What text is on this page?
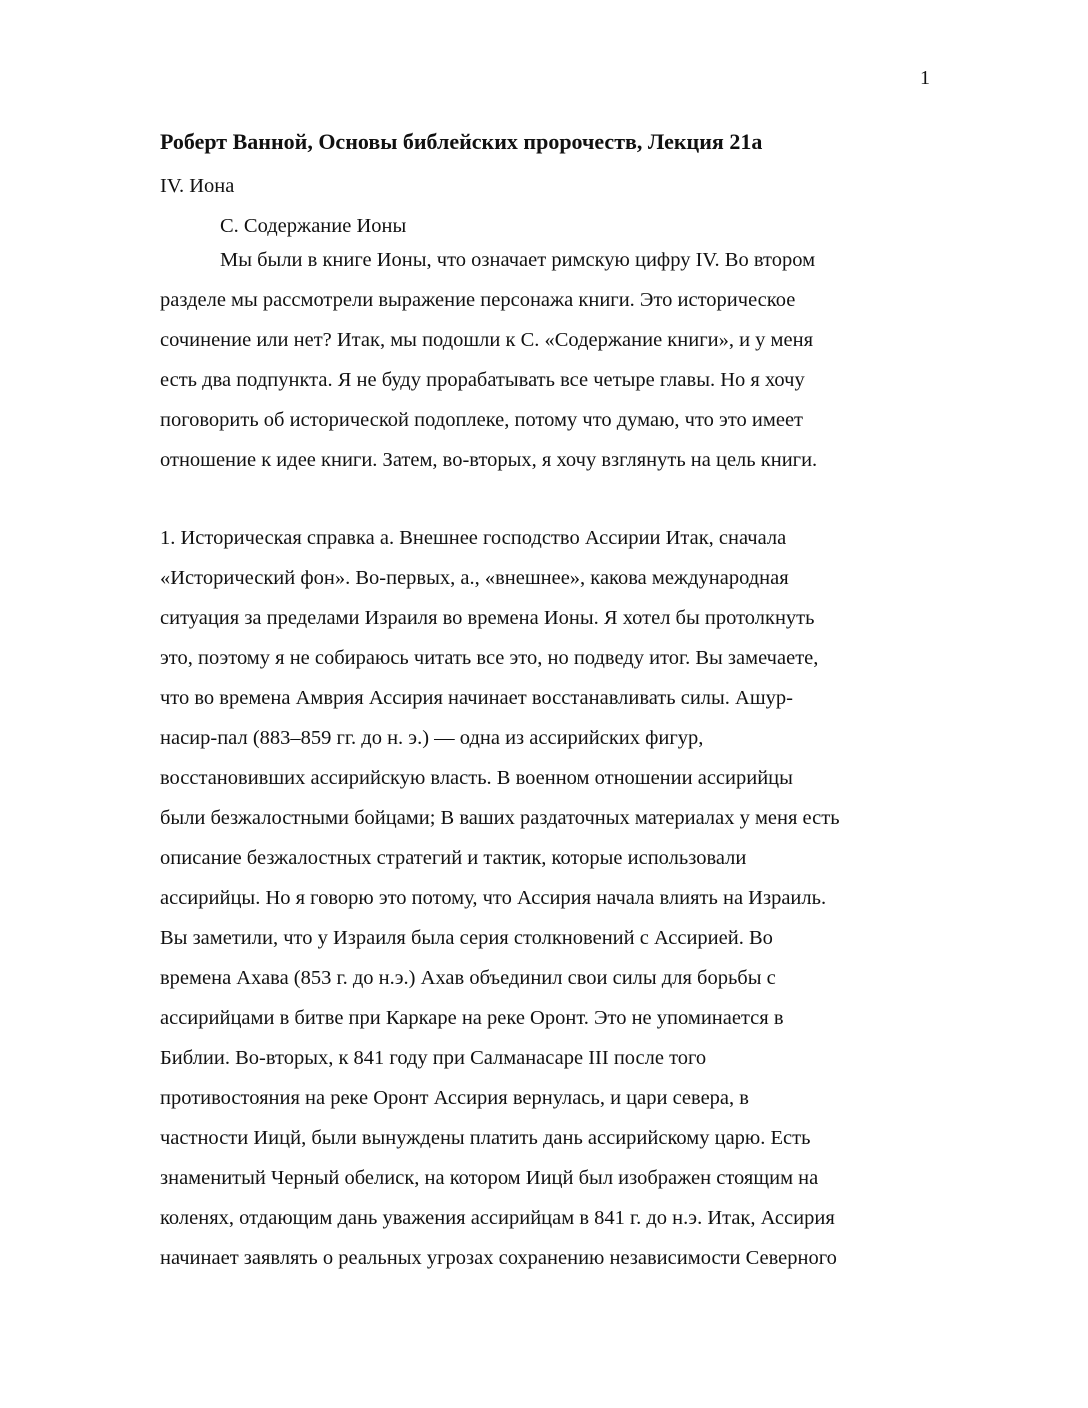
1
Роберт Ванной, Основы библейских пророчеств, Лекция 21a
IV. Иона
C. Содержание Ионы
Мы были в книге Ионы, что означает римскую цифру IV. Во втором
разделе мы рассмотрели выражение персонажа книги. Это историческое
сочинение или нет? Итак, мы подошли к C. «Содержание книги», и у меня
есть два подпункта. Я не буду прорабатывать все четыре главы. Но я хочу
поговорить об исторической подоплеке, потому что думаю, что это имеет
отношение к идее книги. Затем, во-вторых, я хочу взглянуть на цель книги.
1. Историческая справка a. Внешнее господство Ассирии Итак, сначала
«Исторический фон». Во-первых, а., «внешнее», какова международная
ситуация за пределами Израиля во времена Ионы. Я хотел бы протолкнуть
это, поэтому я не собираюсь читать все это, но подведу итог. Вы замечаете,
что во времена Амврия Ассирия начинает восстанавливать силы. Ашур-
насир-пал (883–859 гг. до н. э.) — одна из ассирийских фигур,
восстановивших ассирийскую власть. В военном отношении ассирийцы
были безжалостными бойцами; В ваших раздаточных материалах у меня есть
описание безжалостных стратегий и тактик, которые использовали
ассирийцы. Но я говорю это потому, что Ассирия начала влиять на Израиль.
Вы заметили, что у Израиля была серия столкновений с Ассирией. Во
времена Ахава (853 г. до н.э.) Ахав объединил свои силы для борьбы с
ассирийцами в битве при Каркаре на реке Оронт. Это не упоминается в
Библии. Во-вторых, к 841 году при Салманасаре III после того
противостояния на реке Оронт Ассирия вернулась, и цари севера, в
частности Иицй, были вынуждены платить дань ассирийскому царю. Есть
знаменитый Черный обелиск, на котором Иицй был изображен стоящим на
коленях, отдающим дань уважения ассирийцам в 841 г. до н.э. Итак, Ассирия
начинает заявлять о реальных угрозах сохранению независимости Северного
